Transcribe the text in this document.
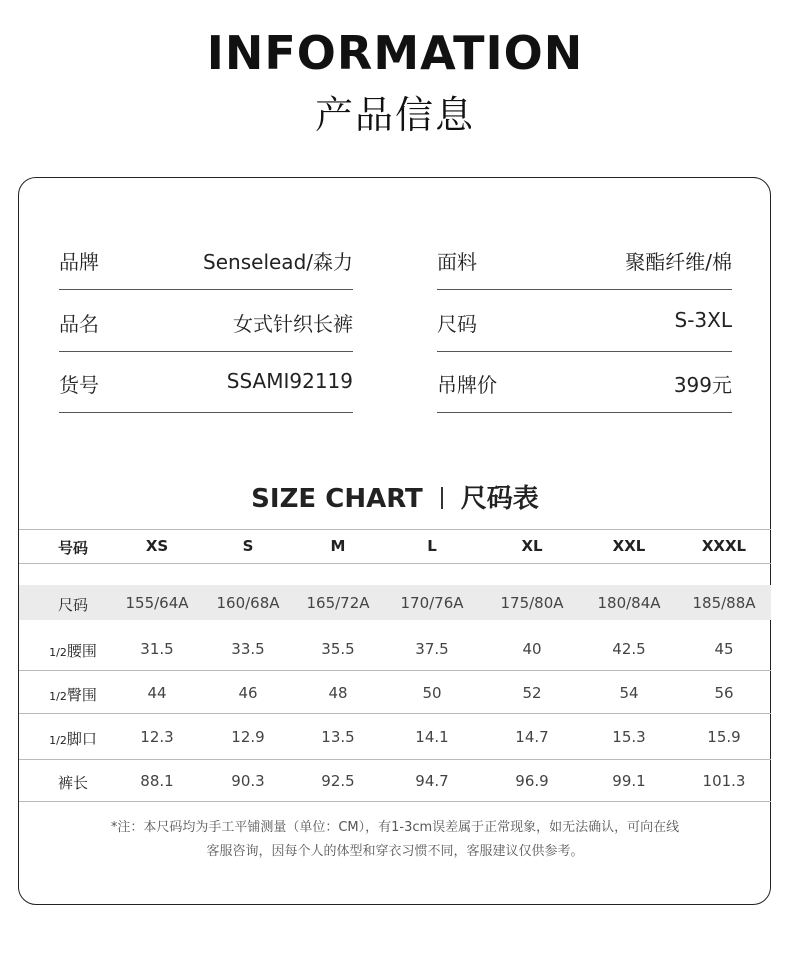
INFORMATION
产品信息
品牌	Senselead/森力
品名	女式针织长裤
货号	SSAMI92119
面料	聚酯纤维/棉
尺码	S-3XL
吊牌价	399元
SIZE CHART 尺码表
号码	XS	S	M	L	XL	XXL	XXXL
尺码 155/64A 160/68A 165/72A 170/76A 175/80A 180/84A 185/88A
1/2腰围	31.5	33.5	35.5	37.5	40	42.5	45
1/2臀围	44	46	48	50	52	54	56
1/2脚口	12.3	12.9	13.5	14.1	14.7	15.3	15.9
裤长	88.1	90.3	92.5	94.7	96.9	99.1	101.3
*注：本尺码均为手工平铺测量（单位：CM），有1-3cm误差属于正常现象，如无法确认，可向在线
客服咨询，因每个人的体型和穿衣习惯不同，客服建议仅供参考。
